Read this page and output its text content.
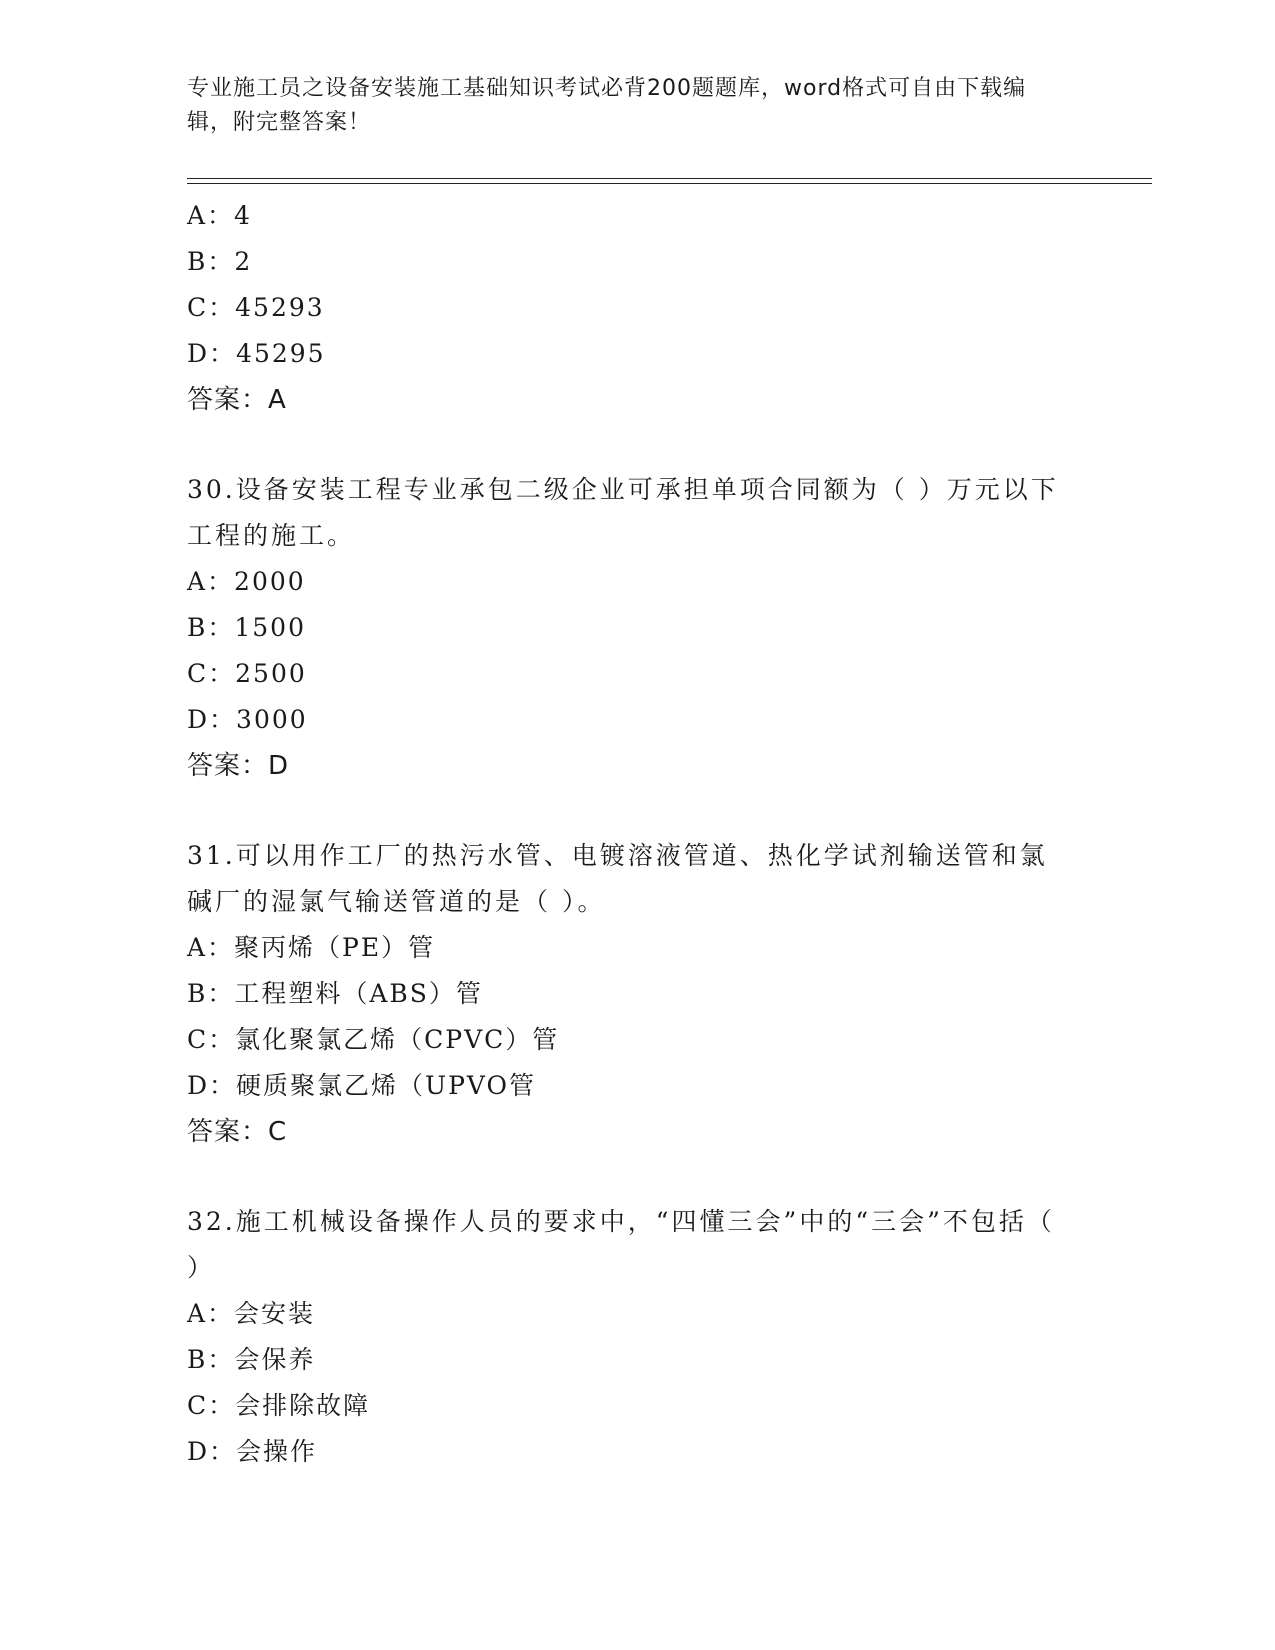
专业施工员之设备安装施工基础知识考试必背200题题库，word格式可自由下载编辑，附完整答案！
A：4
B：2
C：45293
D：45295
答案：A
30.设备安装工程专业承包二级企业可承担单项合同额为（ ）万元以下工程的施工。
A：2000
B：1500
C：2500
D：3000
答案：D
31.可以用作工厂的热污水管、电镀溶液管道、热化学试剂输送管和氯碱厂的湿氯气输送管道的是（ ）。
A：聚丙烯（PE）管
B：工程塑料（ABS）管
C：氯化聚氯乙烯（CPVC）管
D：硬质聚氯乙烯（UPVO管
答案：C
32.施工机械设备操作人员的要求中，“四懂三会”中的“三会”不包括（ ）
A：会安装
B：会保养
C：会排除故障
D：会操作
